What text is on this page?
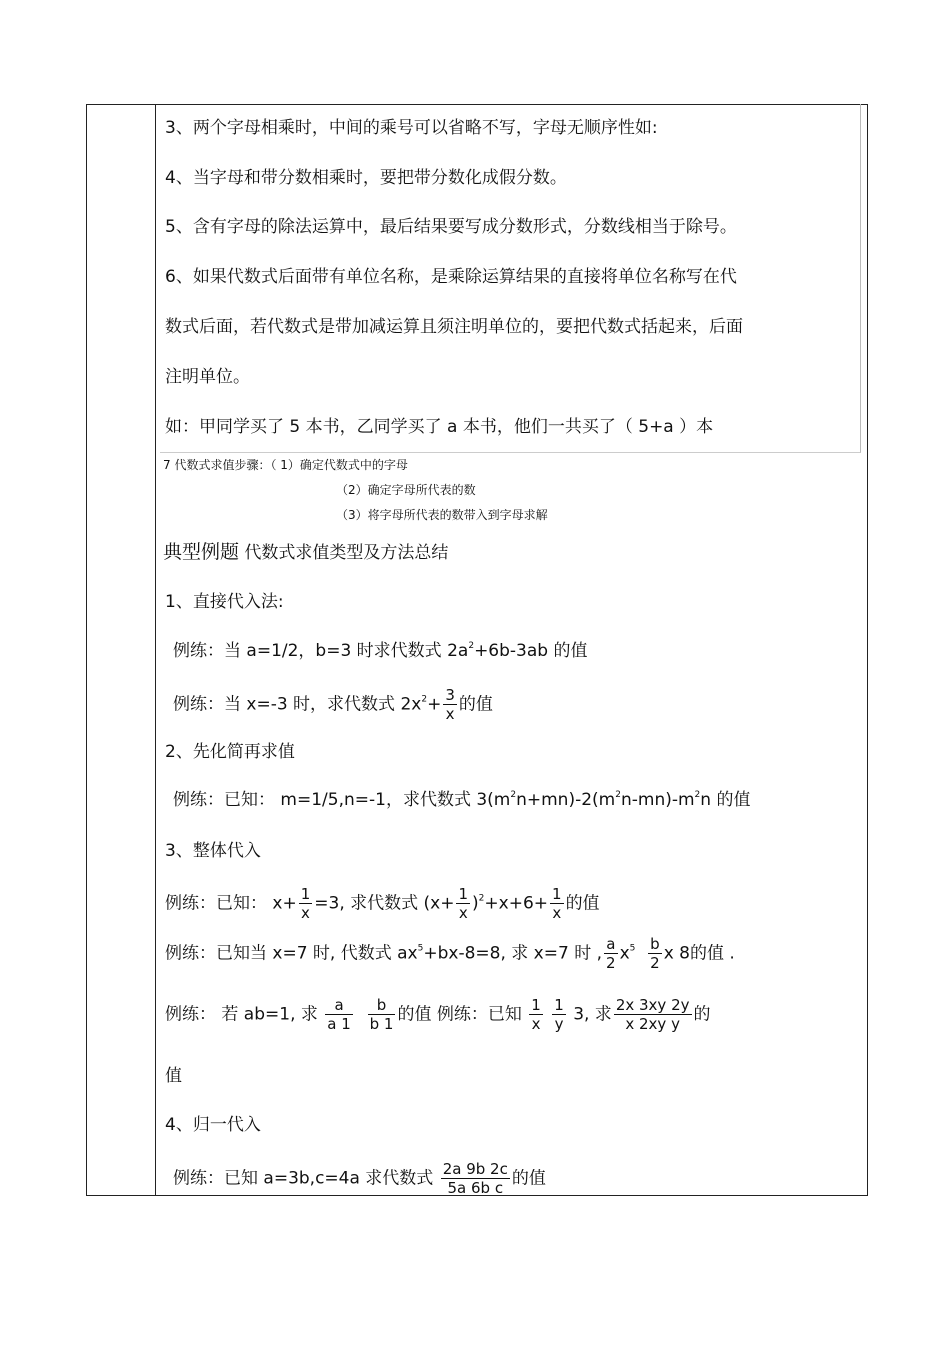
3、两个字母相乘时，中间的乘号可以省略不写，字母无顺序性如:
4、当字母和带分数相乘时，要把带分数化成假分数。
5、含有字母的除法运算中，最后结果要写成分数形式，分数线相当于除号。
6、如果代数式后面带有单位名称，是乘除运算结果的直接将单位名称写在代
数式后面，若代数式是带加减运算且须注明单位的，要把代数式括起来，后面
注明单位。
如：甲同学买了 5 本书，乙同学买了 a 本书，他们一共买了（ 5+a ）本
7 代数式求值步骤：（ 1）确定代数式中的字母
（2）确定字母所代表的数
（3）将字母所代表的数带入到字母求解
典型例题 代数式求值类型及方法总结
1、直接代入法:
例练：当 a=1/2，b=3 时求代数式 $2a^2+6b-3ab$ 的值
例练：当 x=-3 时，求代数式 $2x^2+ \frac{3}{x}$ 的值
2、先化简再求值
例练：已知： m=1/5,n=-1，求代数式 $3(m^2n+mn)-2(m^2n-mn)-m^2n$ 的值
3、整体代入
例练：已知： $x+ \frac{1}{x} =3$, 求代数式 $(x+ \frac{1}{x} )^2+x+6+ \frac{1}{x}$ 的值
例练：已知当 x=7 时, 代数式 $ax^5+bx-8=8$, 求 x=7 时 , $\frac{a}{2} x^5 \frac{b}{2}$ x 8的值 .
例练： 若 ab=1, 求 $\frac{a}{a 1}$
$\frac{b}{b 1}$ 的值 例练：已知 $\frac{1}{x}$
$\frac{1}{y} 3$, 求 $\frac{2x 3xy 2y}{\text{x 2xy y}}$ 的
值
4、归一代入
例练：已知 a=3b,c=4a 求代数式 $\frac{2a 9b 2c}{\text{5a 6b c}}$ 的值
